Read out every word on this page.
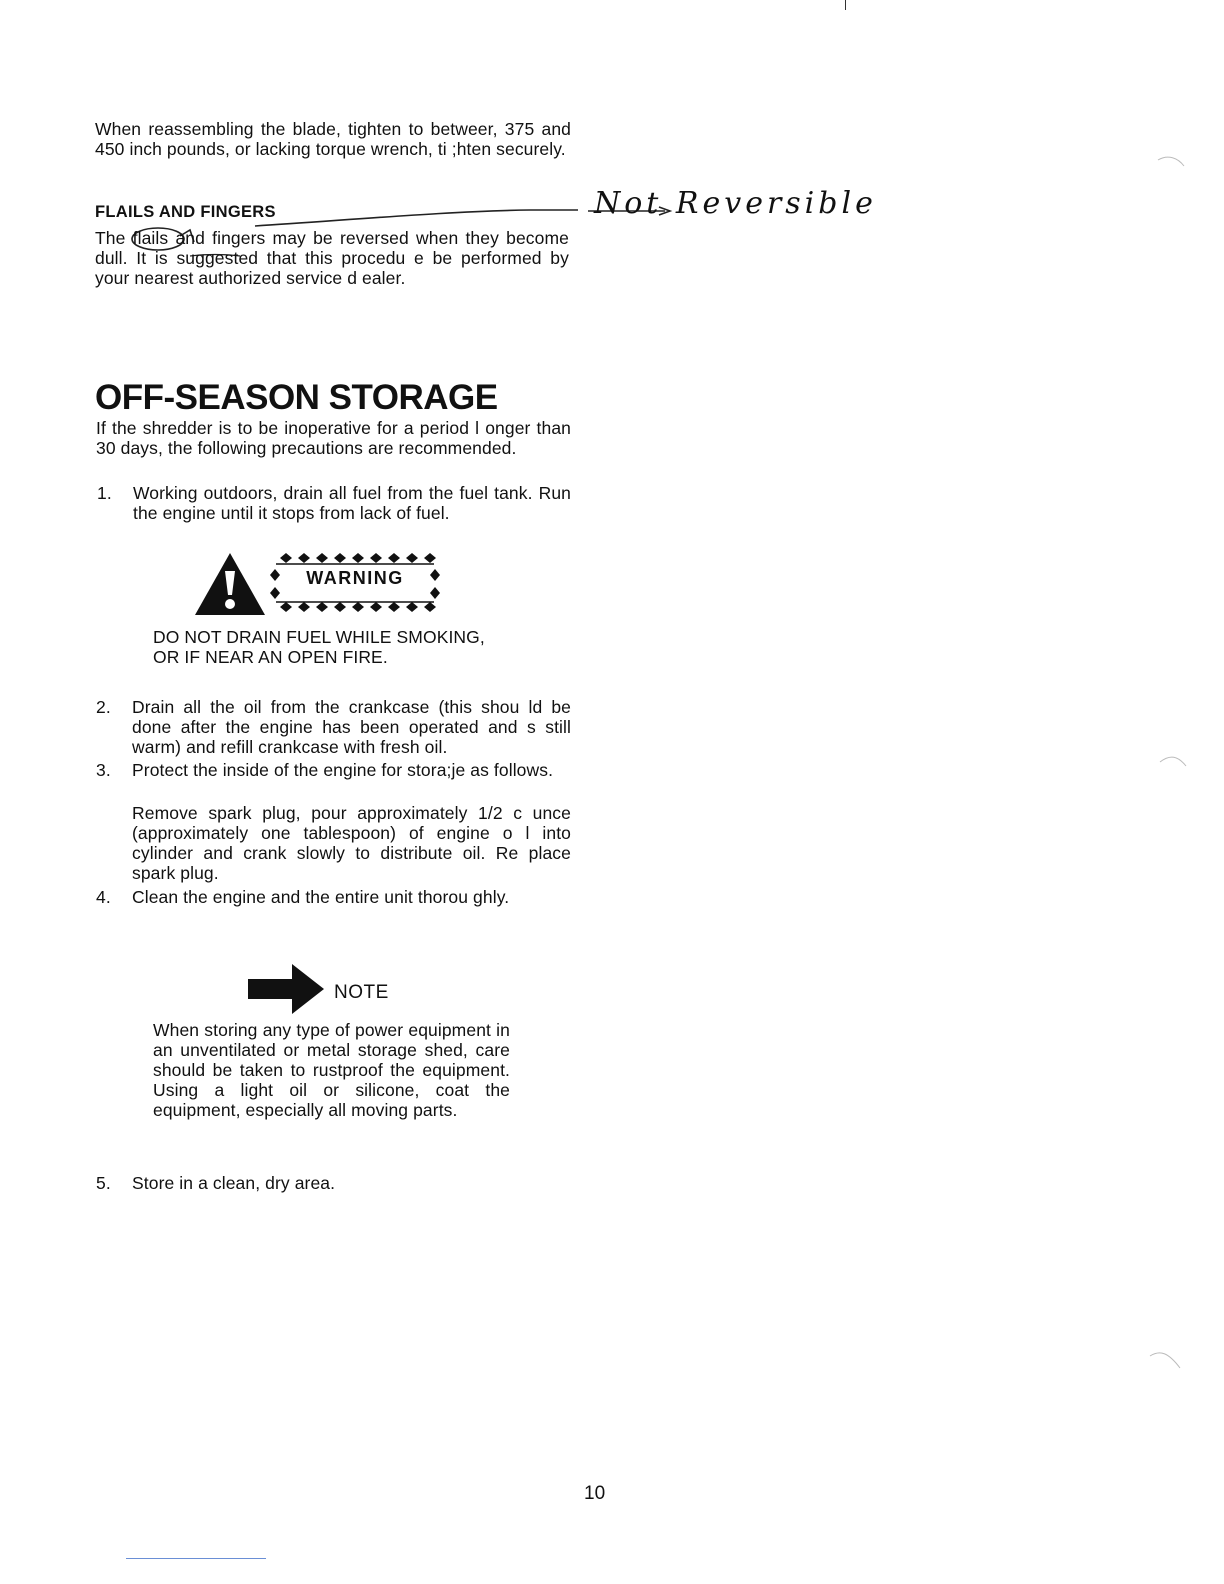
When reassembling the blade, tighten to betweer, 375 and 450 inch pounds, or lacking torque wrench, ti ;hten securely.
FLAILS AND FINGERS	Not Reversible
The flails and fingers may be reversed when they become dull. It is suggested that this procedu e be performed by your nearest authorized service d ealer.
OFF-SEASON STORAGE
If the shredder is to be inoperative for a period l onger than 30 days, the following precautions are recommended.
1.	Working outdoors, drain all fuel from the fuel tank. Run the engine until it stops from lack of fuel.
WARNING
DO NOT DRAIN FUEL WHILE SMOKING,
OR IF NEAR AN OPEN FIRE.
2.	Drain all the oil from the crankcase (this shou ld be done after the engine has been operated and s still warm) and refill crankcase with fresh oil.
3.	Protect the inside of the engine for stora;je as follows.
Remove spark plug, pour approximately 1/2 c unce (approximately one tablespoon) of engine o l into cylinder and crank slowly to distribute oil. Re place spark plug.
4.	Clean the engine and the entire unit thorou ghly.
NOTE
When storing any type of power equipment in an unventilated or metal storage shed, care should be taken to rustproof the equipment. Using a light oil or silicone, coat the equipment, especially all moving parts.
5.	Store in a clean, dry area.
10
